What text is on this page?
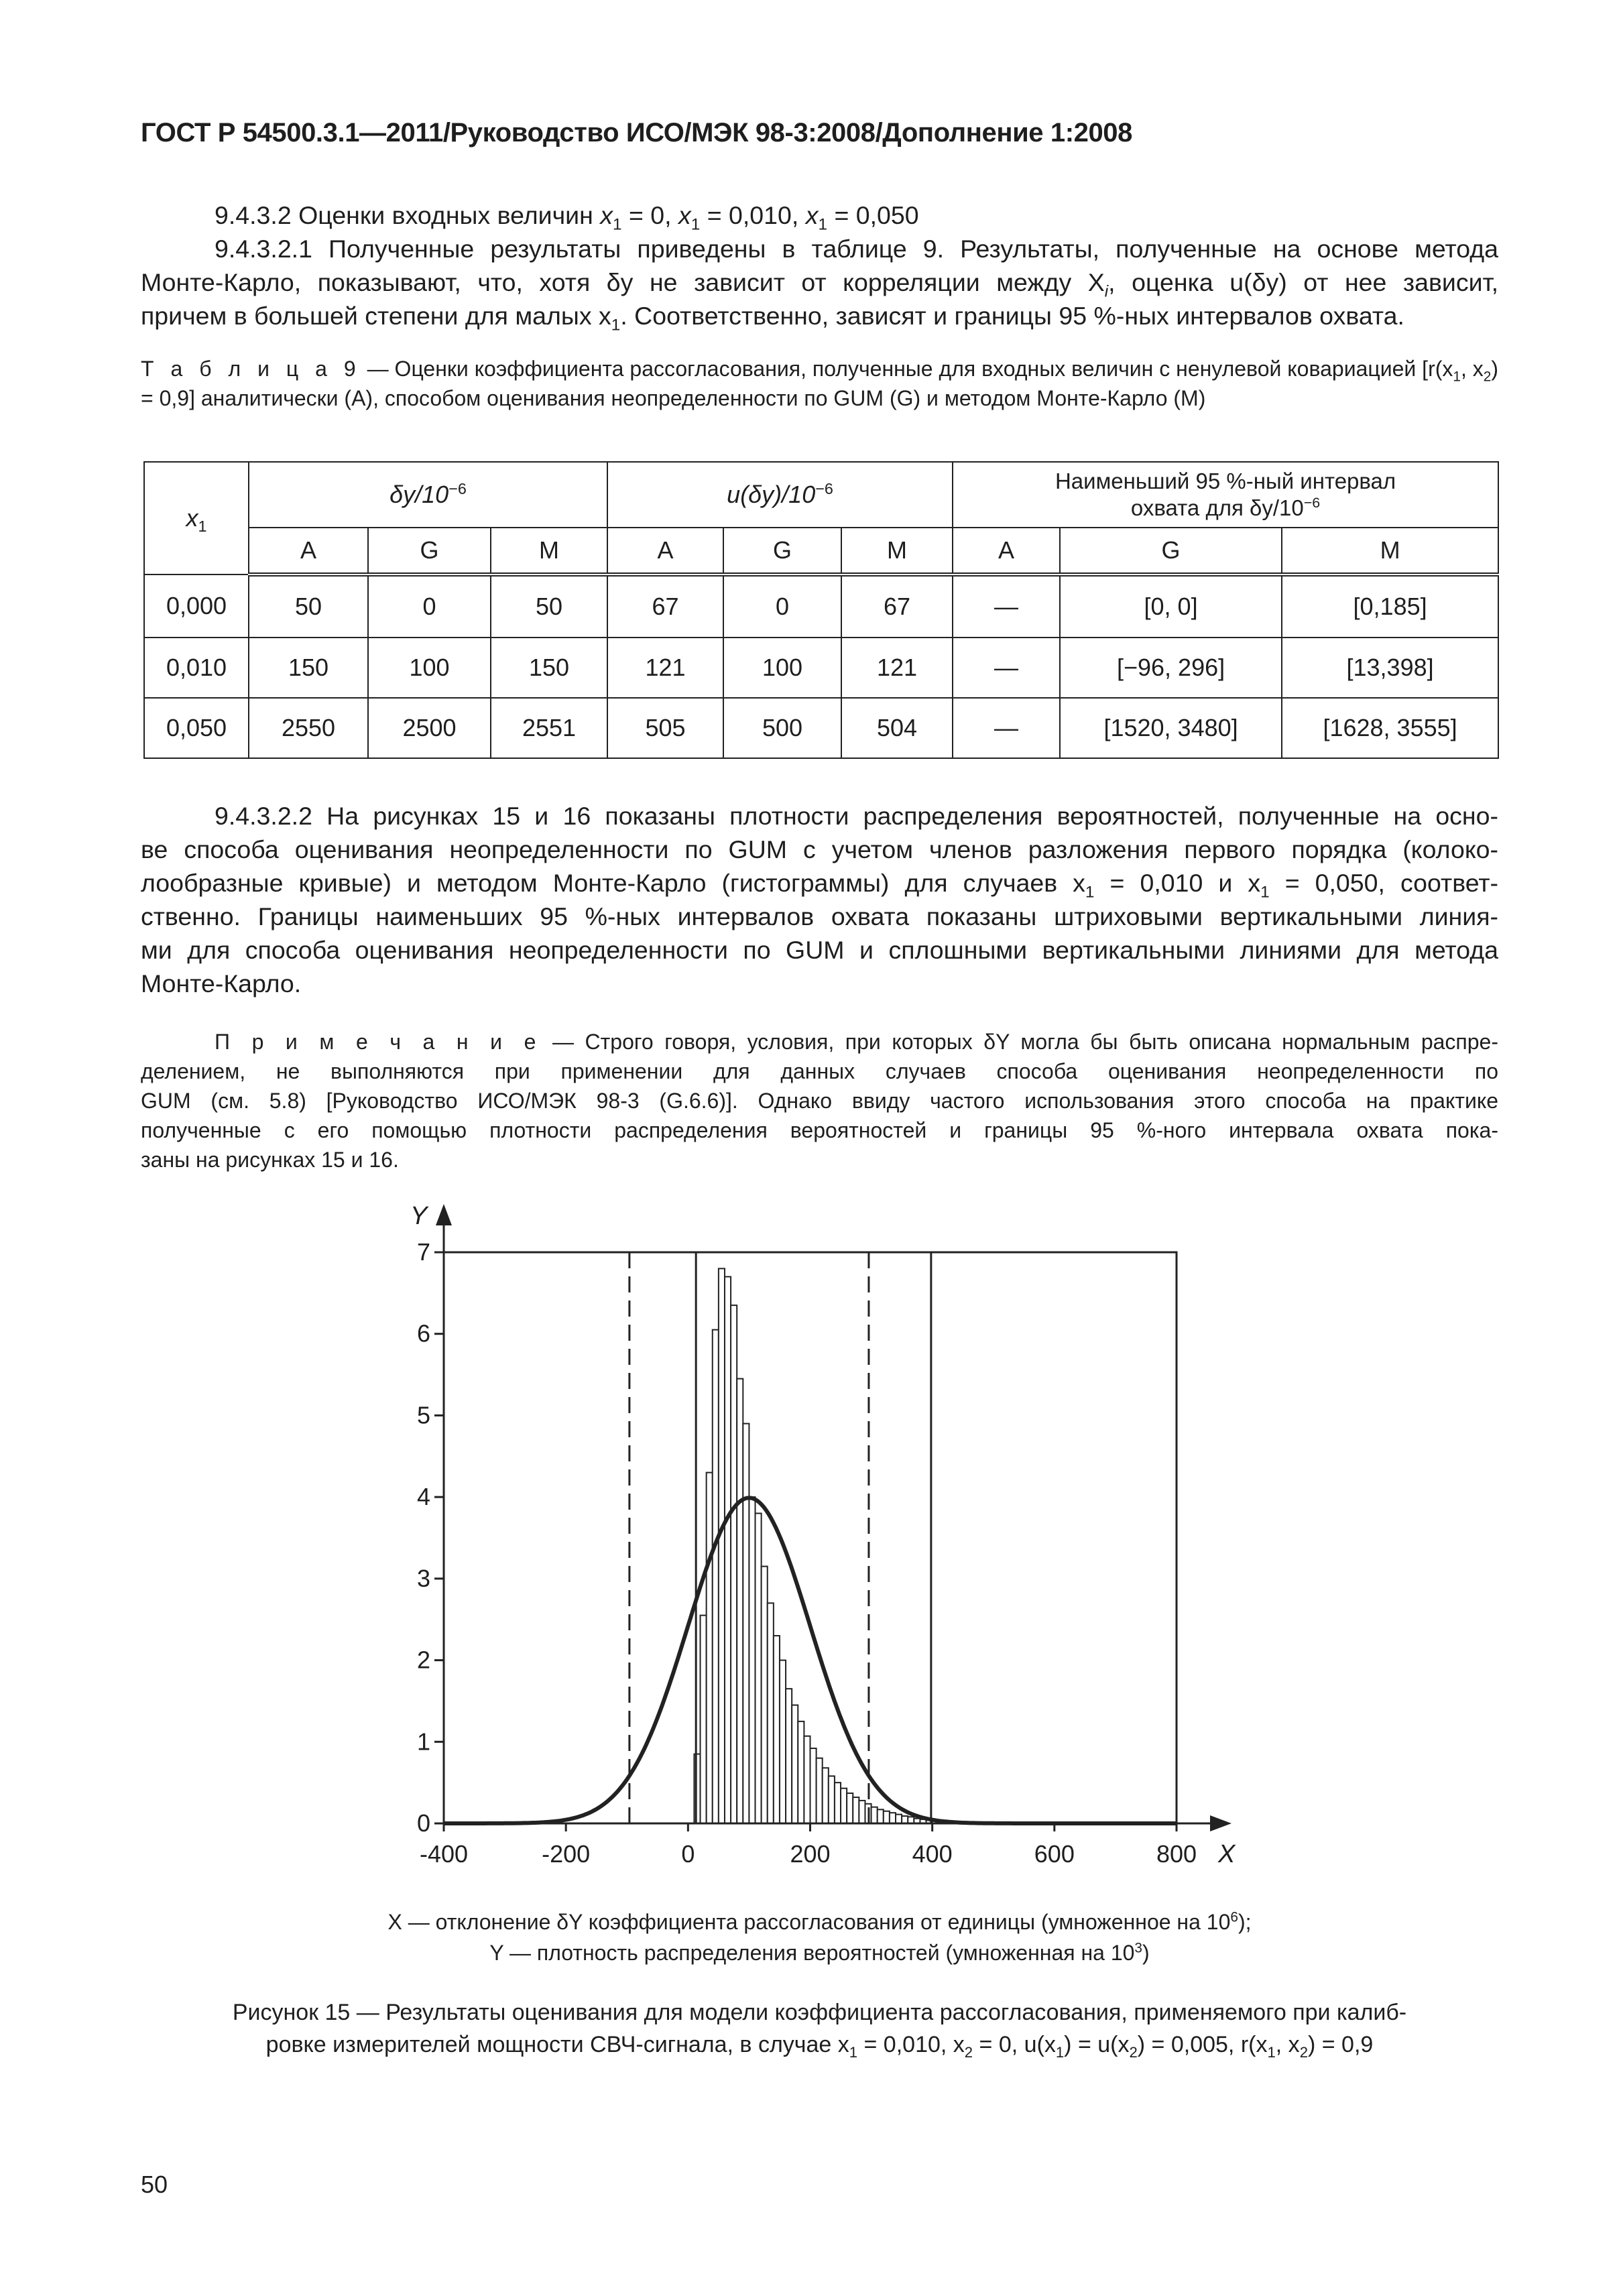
ГОСТ Р 54500.3.1—2011/Руководство ИСО/МЭК 98-3:2008/Дополнение 1:2008

9.4.3.2 Оценки входных величин $x_1 = 0$, $x_1 = 0,010$, $x_1 = 0,050$

9.4.3.2.1 Полученные результаты приведены в таблице 9. Результаты, полученные на основе метода

Монте-Карло, показывают, что, хотя δy не зависит от корреляции между $X_i$, оценка u(δy) от нее зависит,

причем в большей степени для малых $x_1$. Соответственно, зависят и границы 95 %-ных интервалов охвата.

Т а б л и ц а 9 — Оценки коэффициента рассогласования, полученные для входных величин с ненулевой ковариацией [$r(x_1$, $x_2) = 0,9$] аналитически (A), способом оценивания неопределенности по GUM (G) и методом Монте-Карло (M)

$x_1$	$\delta y/10^{-6}$			$u(\delta y)/10^{-6}$			Наименьший 95 %-ный интервал
охвата для $\delta y/10^{-6}$

	A	G	M	A	G	M	A	G	M
0,000	50	0	50	67	0	67	—	[0, 0]	[0,185]
0,010	150	100	150	121	100	121	—	[−96, 296]	[13,398]
0,050	2550	2500	2551	505	500	504	—	[1520, 3480]	[1628, 3555]

9.4.3.2.2 На рисунках 15 и 16 показаны плотности распределения вероятностей, полученные на осно-

ве способа оценивания неопределенности по GUM с учетом членов разложения первого порядка (колоко-

лообразные кривые) и методом Монте-Карло (гистограммы) для случаев $x_1 = 0,010$ и $x_1 = 0,050$, соответ-

ственно. Границы наименьших 95 %-ных интервалов охвата показаны штриховыми вертикальными линия-

ми для способа оценивания неопределенности по GUM и сплошными вертикальными линиями для метода

Монте-Карло.

П р и м е ч а н и е — Строго говоря, условия, при которых δY могла бы быть описана нормальным распре-

делением, не выполняются при применении для данных случаев способа оценивания неопределенности по

GUM (см. 5.8) [Руководство ИСО/МЭК 98-3 (G.6.6)]. Однако ввиду частого использования этого способа на практике

полученные с его помощью плотности распределения вероятностей и границы 95 %-ного интервала охвата пока-

заны на рисунках 15 и 16.

-400	-200	0	200	400	600	800
0
1
2
3
4
5
6
7
X
Y

X — отклонение δY коэффициента рассогласования от единицы (умноженное на $10^6$);

Y — плотность распределения вероятностей (умноженная на $10^3$)

Рисунок 15 — Результаты оценивания для модели коэффициента рассогласования, применяемого при калиб-

ровке измерителей мощности СВЧ-сигнала, в случае $x_1 = 0,010$, $x_2 = 0$, $u(x_1) = u(x_2) = 0,005$, $r(x_1$, $x_2) = 0,9$

50
